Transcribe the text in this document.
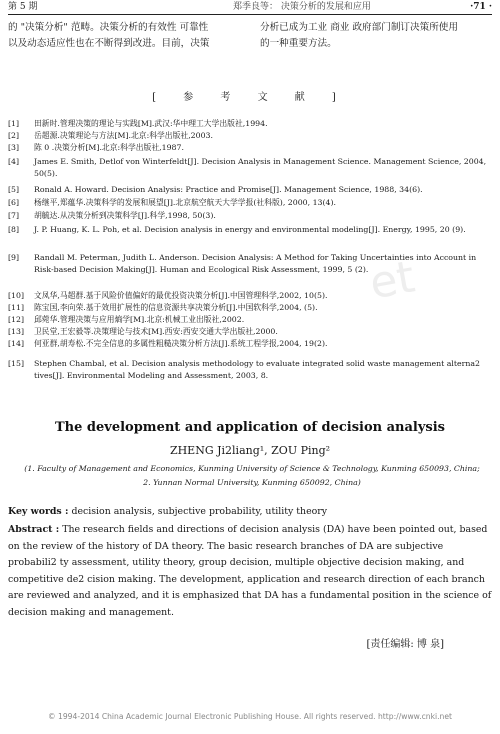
第 5 期	郑季良等： 决策分析的发展和应用	·71 ·
的 "决策分析" 范畴。决策分析的有效性 可靠性
以及动态适应性也在不断得到改进。目前，决策
分析已成为工业 商业 政府部门制订决策所使用
的一种重要方法。
[ 参 考 文 献 ]
[1]	田新时.管理决策的理论与实践[M].武汉:华中理工大学出版社,1994.
[2]	岳超源.决策理论与方法[M].北京:科学出版社,2003.
[3]	陈 0 .决策分析[M].北京:科学出版社,1987.
[4]	James E. Smith, Detlof von Winterfeldt[J]. Decision Analysis in Management Science. Management Science, 2004, 50(5).
[5]	Ronald A. Howard. Decision Analysis: Practice and Promise[J]. Management Science, 1988, 34(6).
[6]	杨继平,郑蕴华.决策科学的发展和展望[J].北京航空航天大学学报(社科版), 2000, 13(4).
[7]	胡毓达.从决策分析到决策科学[J].科学,1998, 50(3).
[8]	J. P. Huang, K. L. Poh, et al. Decision analysis in energy and environmental modeling[J]. Energy, 1995, 20 (9).
[9]	Randall M. Peterman, Judith L. Anderson. Decision Analysis: A Method for Taking Uncertainties into Account in Risk-based Decision Making[J]. Human and Ecological Risk Assessment, 1999, 5 (2).
[10]	文凤华,马超群.基于风险价值偏好的最优投资决策分析[J].中国管理科学,2002, 10(5).
[11]	陈宝国,李向荣.基于效用扩展性的信息资源共享决策分析[J].中国软科学,2004, (5).
[12]	邱菀华.管理决策与应用熵学[M].北京:机械工业出版社,2002.
[13]	卫民堂,王宏毅等.决策理论与技术[M].西安:西安交通大学出版社,2000.
[14]	何亚群,胡寿松.不完全信息的多属性粗糙决策分析方法[J].系统工程学报,2004, 19(2).
[15]	Stephen Chambal, et al. Decision analysis methodology to evaluate integrated solid waste management alterna2 tives[J]. Environmental Modeling and Assessment, 2003, 8.
et
The development and application of decision analysis
ZHENG Ji2liang¹, ZOU Ping²
(1. Faculty of Management and Economics, Kunming University of Science & Technology, Kunming 650093, China;
2. Yunnan Normal University, Kunming 650092, China)
Key words : decision analysis, subjective probability, utility theory

Abstract : The research fields and directions of decision analysis (DA) have been pointed out, based on the review of the history of DA theory. The basic research branches of DA are subjective probabili2 ty assessment, utility theory, group decision, multiple objective decision making, and competitive de2 cision making. The development, application and research direction of each branch are reviewed and analyzed, and it is emphasized that DA has a fundamental position in the science of decision making and management.

[责任编辑: 博 泉]
© 1994-2014 China Academic Journal Electronic Publishing House. All rights reserved. http://www.cnki.net
